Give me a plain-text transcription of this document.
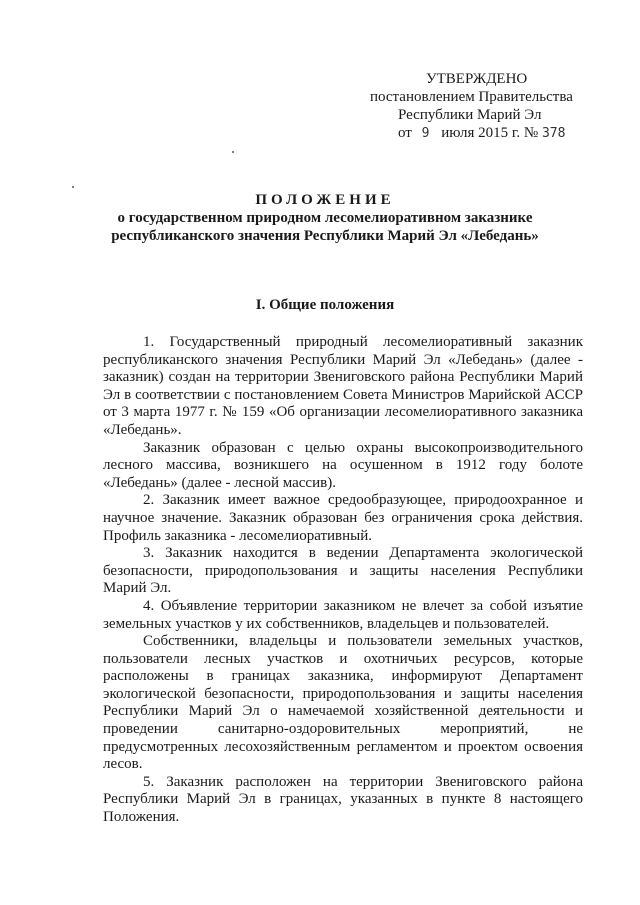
УТВЕРЖДЕНО
постановлением Правительства
Республики Марий Эл
от 9 июля 2015 г. № 378
ПОЛОЖЕНИЕ
о государственном природном лесомелиоративном заказнике
республиканского значения Республики Марий Эл «Лебедань»
I. Общие положения

1. Государственный природный лесомелиоративный заказник республиканского значения Республики Марий Эл «Лебедань» (далее - заказник) создан на территории Звениговского района Республики Марий Эл в соответствии с постановлением Совета Министров Марийской АССР от 3 марта 1977 г. № 159 «Об организации лесомелиоративного заказника «Лебедань».

Заказник образован с целью охраны высокопроизводительного лесного массива, возникшего на осушенном в 1912 году болоте «Лебедань» (далее - лесной массив).

2. Заказник имеет важное средообразующее, природоохранное и научное значение. Заказник образован без ограничения срока действия. Профиль заказника - лесомелиоративный.

3. Заказник находится в ведении Департамента экологической безопасности, природопользования и защиты населения Республики Марий Эл.

4. Объявление территории заказником не влечет за собой изъятие земельных участков у их собственников, владельцев и пользователей.

Собственники, владельцы и пользователи земельных участков, пользователи лесных участков и охотничьих ресурсов, которые расположены в границах заказника, информируют Департамент экологической безопасности, природопользования и защиты населения Республики Марий Эл о намечаемой хозяйственной деятельности и проведении санитарно-оздоровительных мероприятий, не предусмотренных лесохозяйственным регламентом и проектом освоения лесов.

5. Заказник расположен на территории Звениговского района Республики Марий Эл в границах, указанных в пункте 8 настоящего Положения.
